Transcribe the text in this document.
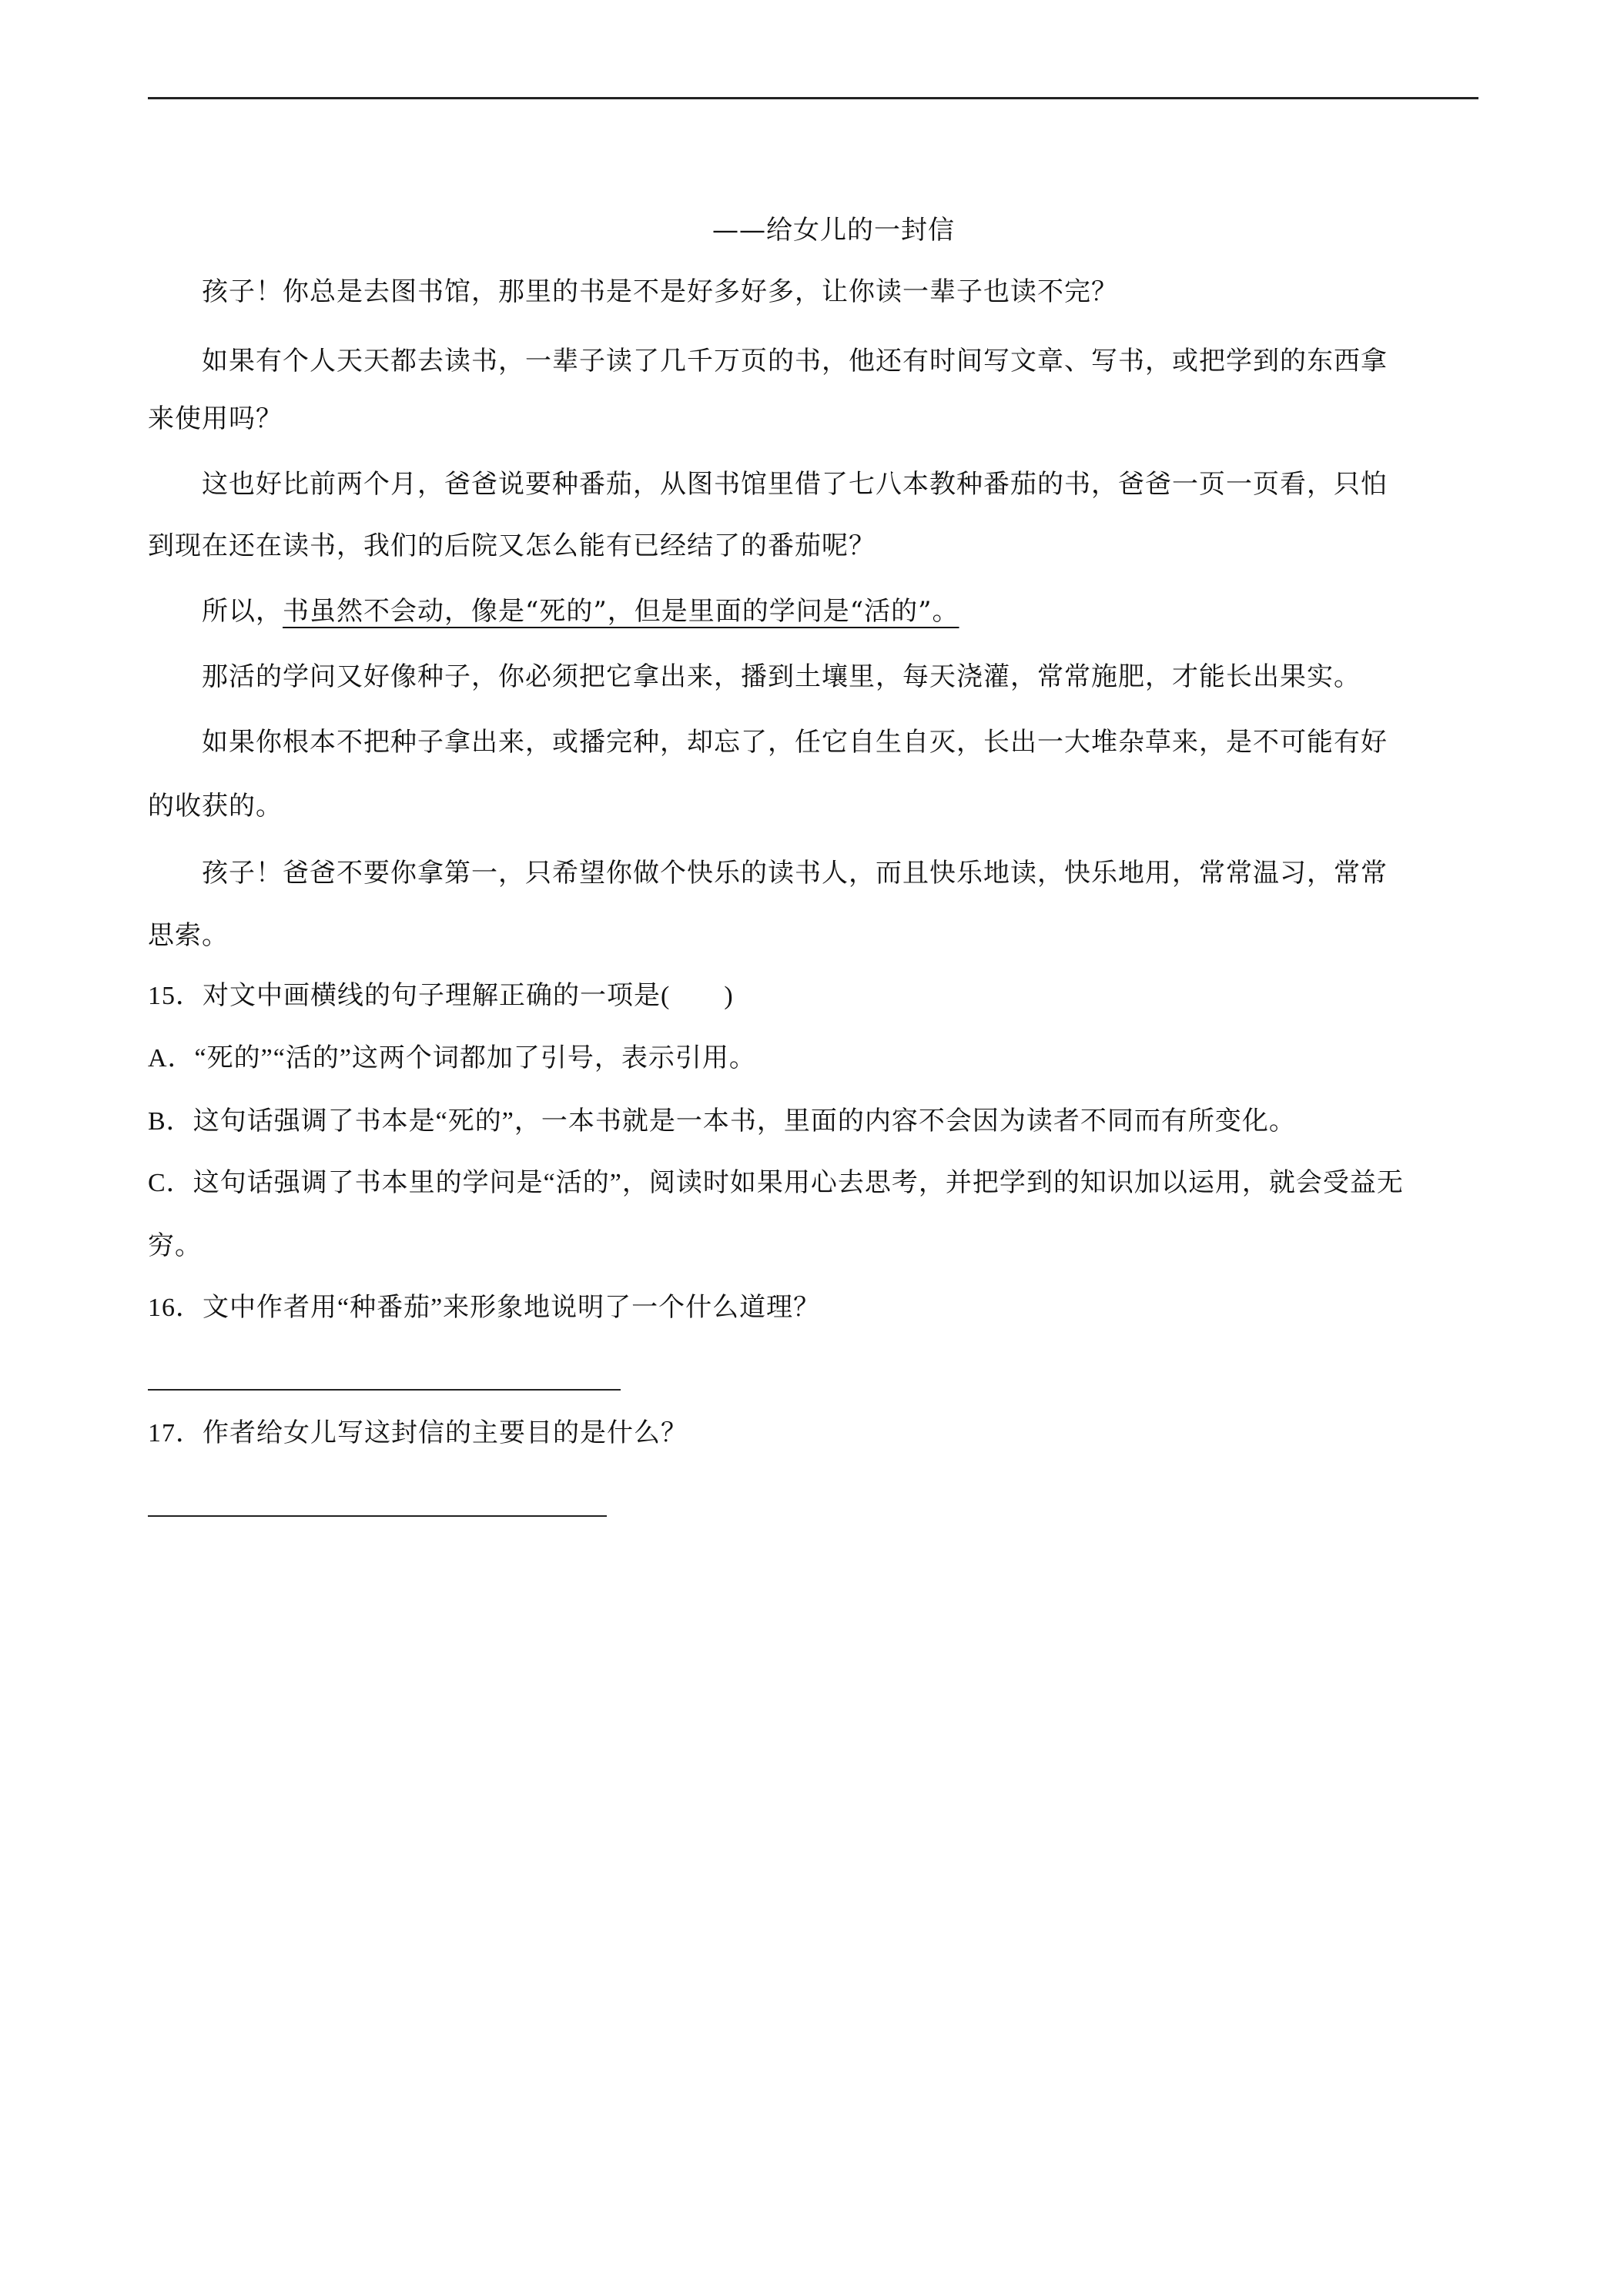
——给女儿的一封信
孩子！你总是去图书馆，那里的书是不是好多好多，让你读一辈子也读不完？
如果有个人天天都去读书，一辈子读了几千万页的书，他还有时间写文章、写书，或把学到的东西拿
来使用吗？
这也好比前两个月，爸爸说要种番茄，从图书馆里借了七八本教种番茄的书，爸爸一页一页看，只怕
到现在还在读书，我们的后院又怎么能有已经结了的番茄呢？
所以，书虽然不会动，像是“死的”，但是里面的学问是“活的”。
那活的学问又好像种子，你必须把它拿出来，播到土壤里，每天浇灌，常常施肥，才能长出果实。
如果你根本不把种子拿出来，或播完种，却忘了，任它自生自灭，长出一大堆杂草来，是不可能有好
的收获的。
孩子！爸爸不要你拿第一，只希望你做个快乐的读书人，而且快乐地读，快乐地用，常常温习，常常
思索。
15．对文中画横线的句子理解正确的一项是(　　)
A．“死的”“活的”这两个词都加了引号，表示引用。
B．这句话强调了书本是“死的”，一本书就是一本书，里面的内容不会因为读者不同而有所变化。
C．这句话强调了书本里的学问是“活的”，阅读时如果用心去思考，并把学到的知识加以运用，就会受益无
穷。
16．文中作者用“种番茄”来形象地说明了一个什么道理？
17．作者给女儿写这封信的主要目的是什么？
